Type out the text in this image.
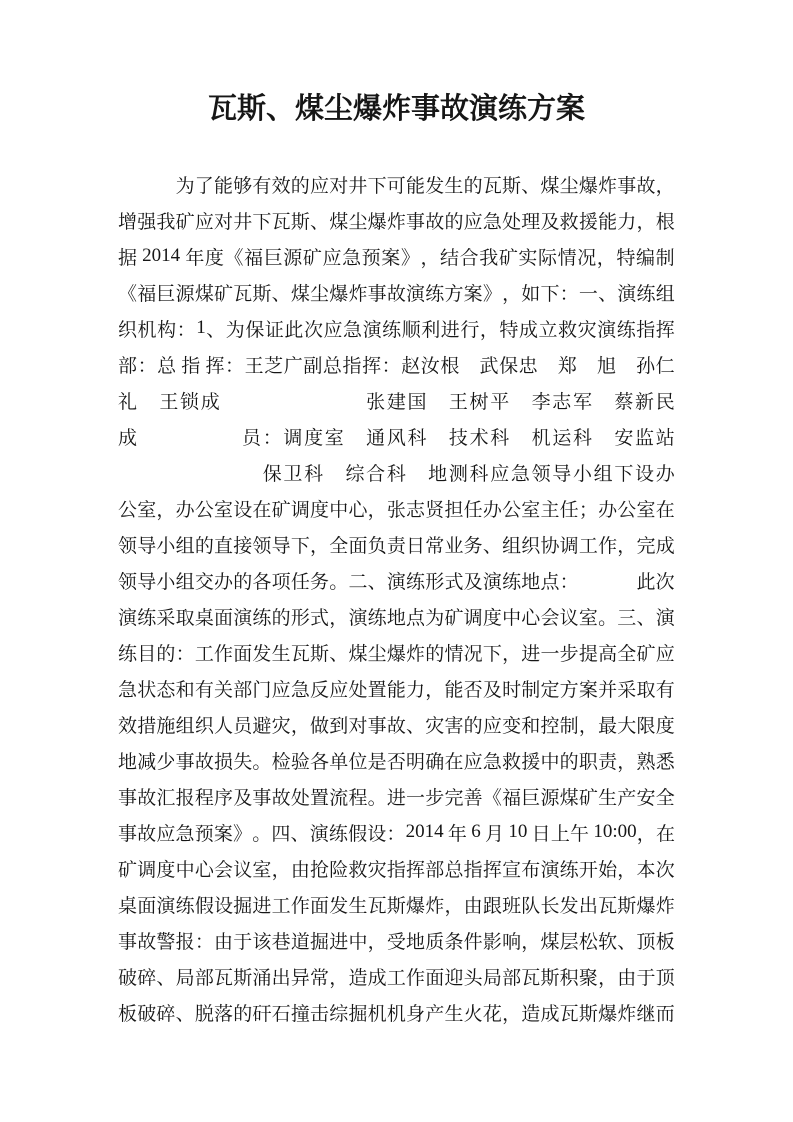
瓦斯、煤尘爆炸事故演练方案
为 了 能 够 有 效 的 应 对 井 下 可 能 发 生 的 瓦 斯 、 煤 尘 爆 炸 事 故 ，
增 强 我 矿 应 对 井 下 瓦 斯 、 煤 尘 爆 炸 事 故 的 应 急 处 理 及 救 援 能 力 ， 根
据 2014 年 度 《 福 巨 源 矿 应 急 预 案 》 ， 结 合 我 矿 实 际 情 况 ， 特 编 制
《 福 巨 源 煤 矿 瓦 斯 、 煤 尘 爆 炸 事 故 演 练 方 案 》 ， 如 下 ： 一 、 演 练 组
织 机 构 ： 1 、 为 保 证 此 次 应 急 演 练 顺 利 进 行 ， 特 成 立 救 灾 演 练 指 挥
部 ： 总 指 挥 ： 王 芝 广 副 总 指 挥 ： 赵 汝 根 武 保 忠 郑 旭 孙 仁
礼 王 锁 成	张 建 国 王 树 平 李 志 军 蔡 新 民
成	员 ： 调 度 室 通 风 科 技 术 科 机 运 科 安 监 站
保 卫 科 综 合 科 地 测 科 应 急 领 导 小 组 下 设 办
公 室 ， 办 公 室 设 在 矿 调 度 中 心 ， 张 志 贤 担 任 办 公 室 主 任 ； 办 公 室 在
领 导 小 组 的 直 接 领 导 下 ， 全 面 负 责 日 常 业 务 、 组 织 协 调 工 作 ， 完 成
领 导 小 组 交 办 的 各 项 任 务 。 二 、 演 练 形 式 及 演 练 地 点 ：	此 次
演 练 采 取 桌 面 演 练 的 形 式 ， 演 练 地 点 为 矿 调 度 中 心 会 议 室 。 三 、 演
练 目 的 ： 工 作 面 发 生 瓦 斯 、 煤 尘 爆 炸 的 情 况 下 ， 进 一 步 提 高 全 矿 应
急 状 态 和 有 关 部 门 应 急 反 应 处 置 能 力 ， 能 否 及 时 制 定 方 案 并 采 取 有
效 措 施 组 织 人 员 避 灾 ， 做 到 对 事 故 、 灾 害 的 应 变 和 控 制 ， 最 大 限 度
地 减 少 事 故 损 失 。 检 验 各 单 位 是 否 明 确 在 应 急 救 援 中 的 职 责 ， 熟 悉
事 故 汇 报 程 序 及 事 故 处 置 流 程 。 进 一 步 完 善 《 福 巨 源 煤 矿 生 产 安 全
事 故 应 急 预 案 》 。 四 、 演 练 假 设 ： 2014 年 6 月 10 日 上 午 10:00 ， 在
矿 调 度 中 心 会 议 室 ， 由 抢 险 救 灾 指 挥 部 总 指 挥 宣 布 演 练 开 始 ， 本 次
桌 面 演 练 假 设 掘 进 工 作 面 发 生 瓦 斯 爆 炸 ， 由 跟 班 队 长 发 出 瓦 斯 爆 炸
事 故 警 报 ： 由 于 该 巷 道 掘 进 中 ， 受 地 质 条 件 影 响 ， 煤 层 松 软 、 顶 板
破 碎 、 局 部 瓦 斯 涌 出 异 常 ， 造 成 工 作 面 迎 头 局 部 瓦 斯 积 聚 ， 由 于 顶
板 破 碎 、 脱 落 的 矸 石 撞 击 综 掘 机 机 身 产 生 火 花 ， 造 成 瓦 斯 爆 炸 继 而
